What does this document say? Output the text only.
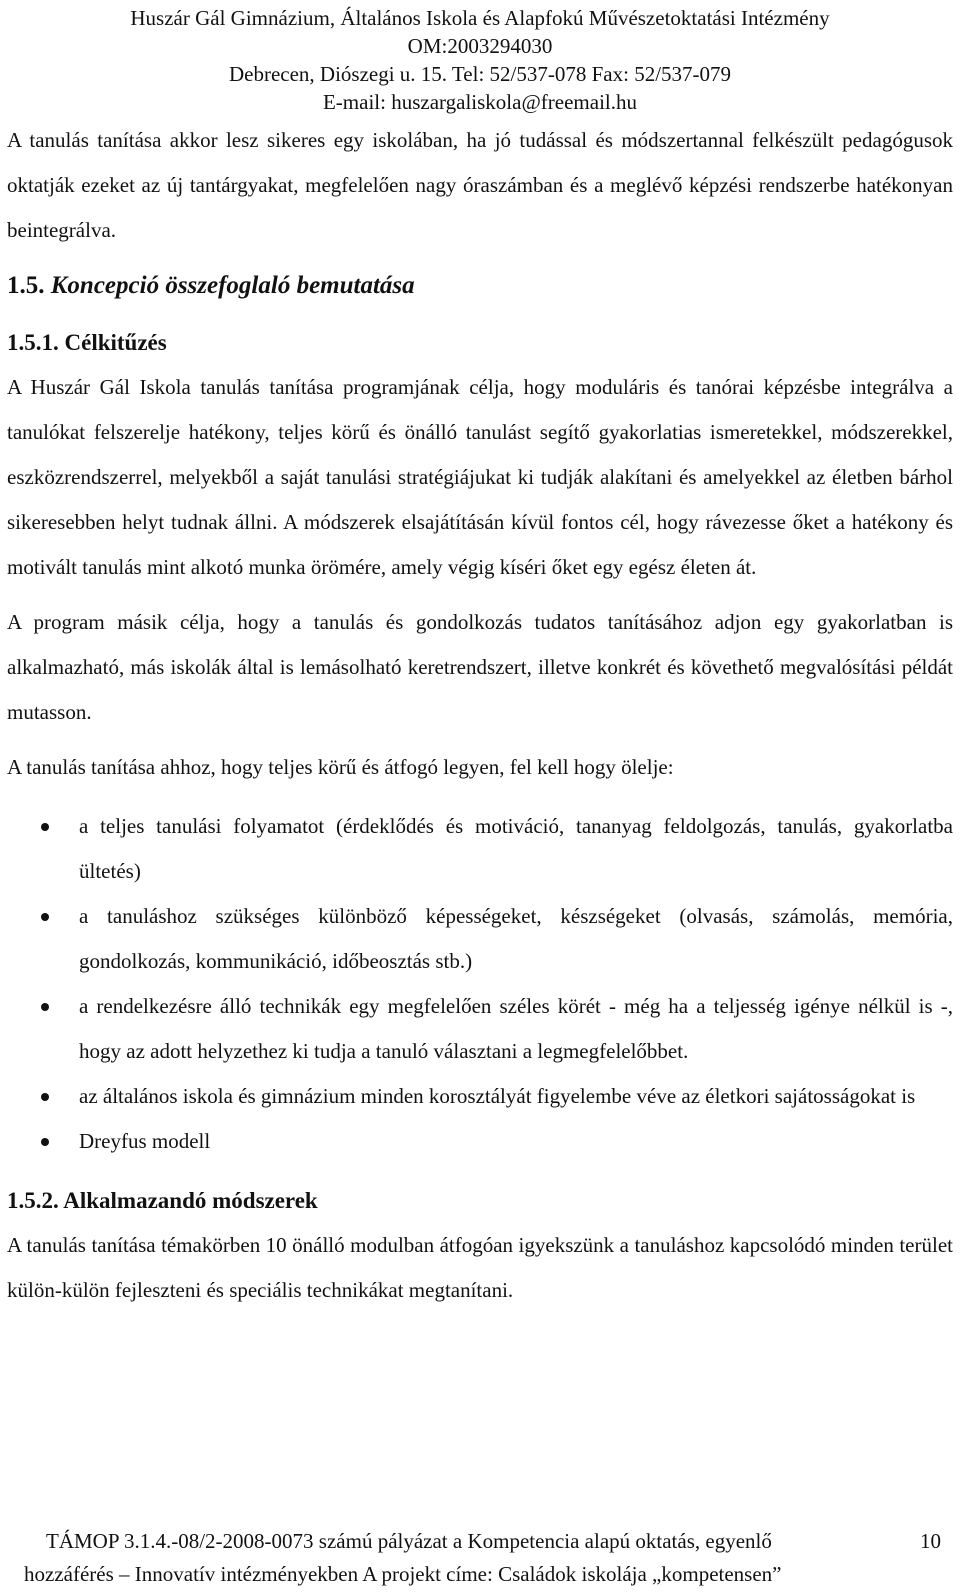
Huszár Gál Gimnázium, Általános Iskola és Alapfokú Művészetoktatási Intézmény
OM:2003294030
Debrecen, Diószegi u. 15. Tel: 52/537-078 Fax: 52/537-079
E-mail: huszargaliskola@freemail.hu

A tanulás tanítása akkor lesz sikeres egy iskolában, ha jó tudással és módszertannal felkészült pedagógusok oktatják ezeket az új tantárgyakat, megfelelően nagy óraszámban és a meglévő képzési rendszerbe hatékonyan beintegrálva.

1.5. Koncepció összefoglaló bemutatása
1.5.1. Célkitűzés

A Huszár Gál Iskola tanulás tanítása programjának célja, hogy moduláris és tanórai képzésbe integrálva a tanulókat felszerelje hatékony, teljes körű és önálló tanulást segítő gyakorlatias ismeretekkel, módszerekkel, eszközrendszerrel, melyekből a saját tanulási stratégiájukat ki tudják alakítani és amelyekkel az életben bárhol sikeresebben helyt tudnak állni. A módszerek elsajátításán kívül fontos cél, hogy rávezesse őket a hatékony és motivált tanulás mint alkotó munka örömére, amely végig kíséri őket egy egész életen át.

A program másik célja, hogy a tanulás és gondolkozás tudatos tanításához adjon egy gyakorlatban is alkalmazható, más iskolák által is lemásolható keretrendszert, illetve konkrét és követhető megvalósítási példát mutasson.

A tanulás tanítása ahhoz, hogy teljes körű és átfogó legyen, fel kell hogy ölelje:

a teljes tanulási folyamatot (érdeklődés és motiváció, tananyag feldolgozás, tanulás, gyakorlatba ültetés)
a tanuláshoz szükséges különböző képességeket, készségeket (olvasás, számolás, memória, gondolkozás, kommunikáció, időbeosztás stb.)
a rendelkezésre álló technikák egy megfelelően széles körét - még ha a teljesség igénye nélkül is -, hogy az adott helyzethez ki tudja a tanuló választani a legmegfelelőbbet.
az általános iskola és gimnázium minden korosztályát figyelembe véve az életkori sajátosságokat is
Dreyfus modell
1.5.2. Alkalmazandó módszerek

A tanulás tanítása témakörben 10 önálló modulban átfogóan igyekszünk a tanuláshoz kapcsolódó minden terület külön-külön fejleszteni és speciális technikákat megtanítani.

TÁMOP 3.1.4.-08/2-2008-0073 számú pályázat a Kompetencia alapú oktatás, egyenlő	10
hozzáférés – Innovatív intézményekben A projekt címe: Családok iskolája „kompetensen”
